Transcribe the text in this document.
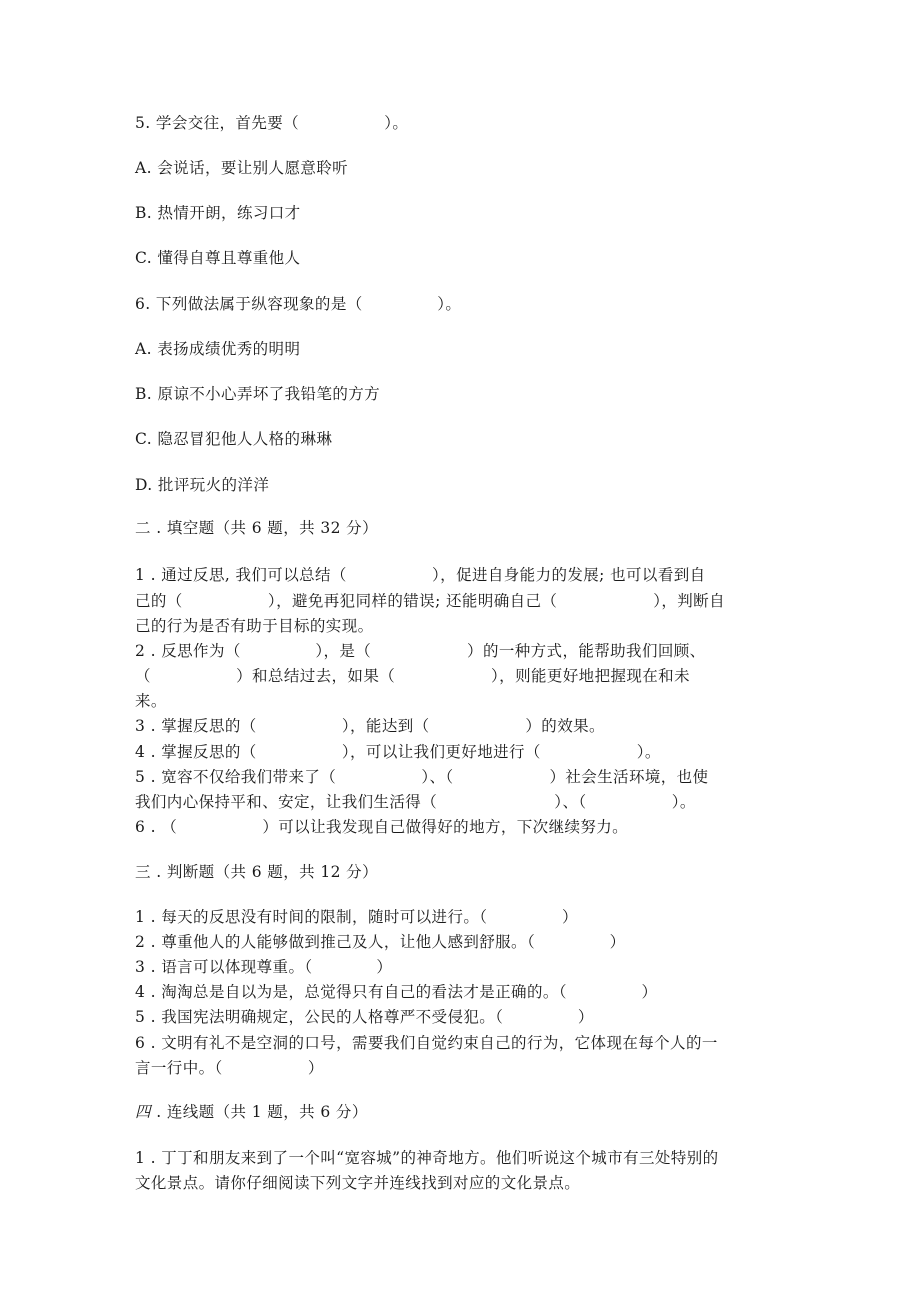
5. 学会交往，首先要（                ）。
A. 会说话，要让别人愿意聆听
B. 热情开朗，练习口才
C. 懂得自尊且尊重他人
6. 下列做法属于纵容现象的是（              ）。
A. 表扬成绩优秀的明明
B. 原谅不小心弄坏了我铅笔的方方
C. 隐忍冒犯他人人格的琳琳
D. 批评玩火的洋洋
二 . 填空题（共 6 题，共 32 分）
1 . 通过反思, 我们可以总结（                ），促进自身能力的发展; 也可以看到自
己的（                ），避免再犯同样的错误; 还能明确自己（                  ），判断自
己的行为是否有助于目标的实现。
2 . 反思作为（              ），是（                  ）的一种方式，能帮助我们回顾、
（                ）和总结过去，如果（                  ），则能更好地把握现在和未
来。
3 . 掌握反思的（                ），能达到（                  ）的效果。
4 . 掌握反思的（                ），可以让我们更好地进行（                  ）。
5 . 宽容不仅给我们带来了（                ）、（                  ）社会生活环境，也使
我们内心保持平和、安定，让我们生活得（                      ）、（                ）。
6 . （                ）可以让我发现自己做得好的地方，下次继续努力。
三 . 判断题（共 6 题，共 12 分）
1 . 每天的反思没有时间的限制，随时可以进行。（              ）
2 . 尊重他人的人能够做到推己及人，让他人感到舒服。（              ）
3 . 语言可以体现尊重。（            ）
4 . 淘淘总是自以为是，总觉得只有自己的看法才是正确的。（              ）
5 . 我国宪法明确规定，公民的人格尊严不受侵犯。（              ）
6 . 文明有礼不是空洞的口号，需要我们自觉约束自己的行为，它体现在每个人的一
言一行中。（                ）
四 . 连线题（共 1 题，共 6 分）
1 . 丁丁和朋友来到了一个叫“宽容城”的神奇地方。他们听说这个城市有三处特别的
文化景点。请你仔细阅读下列文字并连线找到对应的文化景点。
